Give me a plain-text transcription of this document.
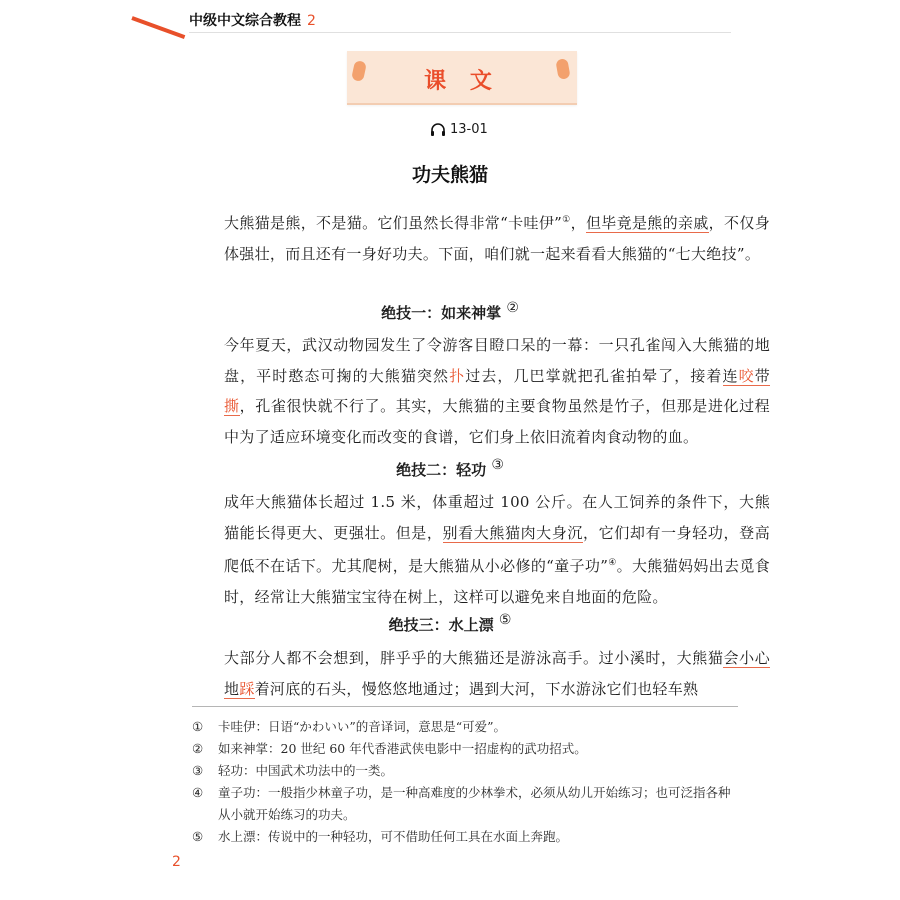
中级中文综合教程 2
课 文
13-01
功夫熊猫
大熊猫是熊，不是猫。它们虽然长得非常“卡哇伊”①，但毕竟是熊的亲戚，不仅身体强壮，而且还有一身好功夫。下面，咱们就一起来看看大熊猫的“七大绝技”。
绝技一：如来神掌 ②
今年夏天，武汉动物园发生了令游客目瞪口呆的一幕：一只孔雀闯入大熊猫的地盘，平时憨态可掬的大熊猫突然扑过去，几巴掌就把孔雀拍晕了，接着连咬带撕，孔雀很快就不行了。其实，大熊猫的主要食物虽然是竹子，但那是进化过程中为了适应环境变化而改变的食谱，它们身上依旧流着肉食动物的血。
绝技二：轻功 ③
成年大熊猫体长超过 1.5 米，体重超过 100 公斤。在人工饲养的条件下，大熊猫能长得更大、更强壮。但是，别看大熊猫肉大身沉，它们却有一身轻功，登高爬低不在话下。尤其爬树，是大熊猫从小必修的“童子功”④。大熊猫妈妈出去觅食时，经常让大熊猫宝宝待在树上，这样可以避免来自地面的危险。
绝技三：水上漂 ⑤
大部分人都不会想到，胖乎乎的大熊猫还是游泳高手。过小溪时，大熊猫会小心地踩着河底的石头，慢悠悠地通过；遇到大河，下水游泳它们也轻车熟
①	卡哇伊：日语“かわいい”的音译词，意思是“可爱”。
②	如来神掌：20 世纪 60 年代香港武侠电影中一招虚构的武功招式。
③	轻功：中国武术功法中的一类。
④	童子功：一般指少林童子功，是一种高难度的少林拳术，必须从幼儿开始练习；也可泛指各种从小就开始练习的功夫。
⑤	水上漂：传说中的一种轻功，可不借助任何工具在水面上奔跑。
2
